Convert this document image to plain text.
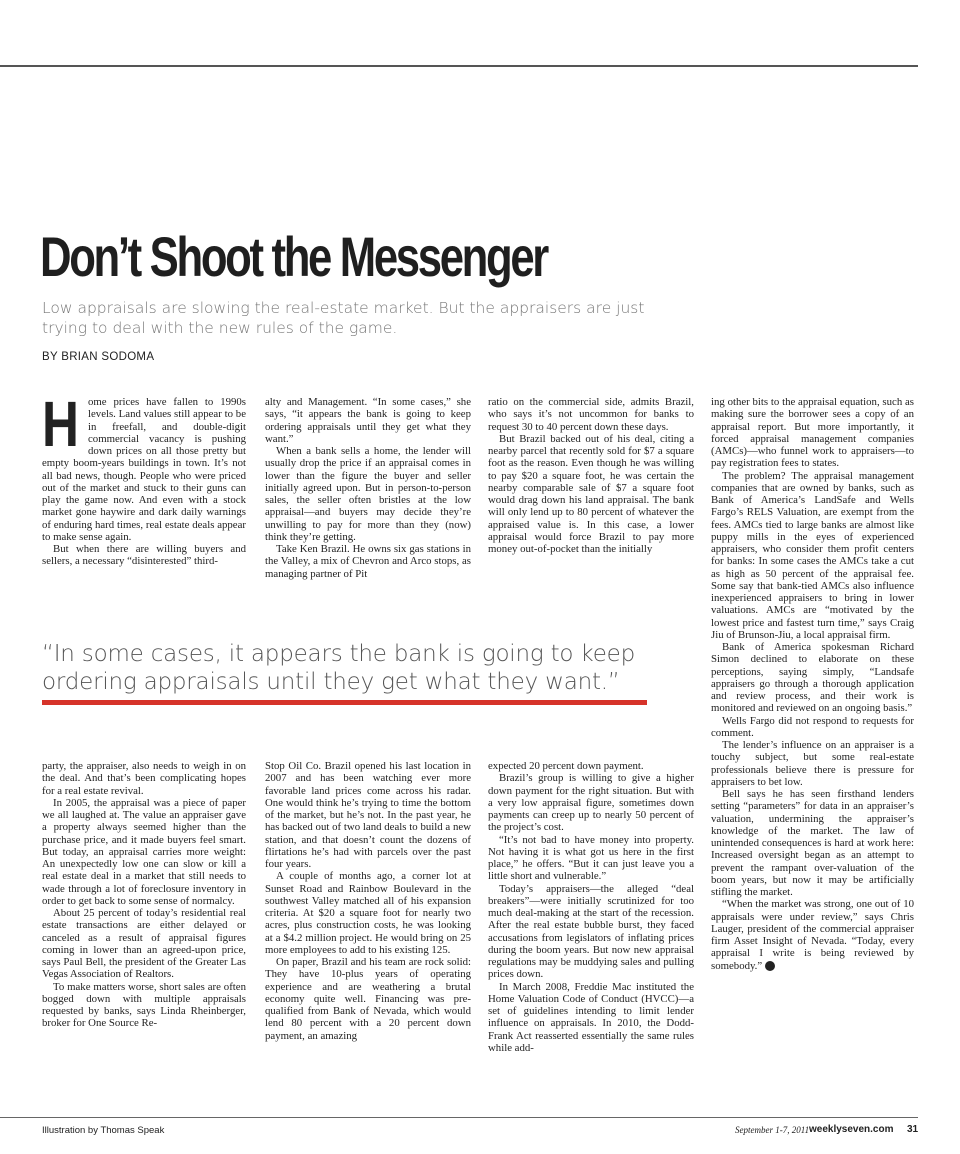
Don’t Shoot the Messenger

Low appraisals are slowing the real-estate market. But the appraisers are just trying to deal with the new rules of the game.

BY BRIAN SODOMA
H ome prices have fallen to 1990s levels. Land values still appear to be in freefall, and double-digit commercial vacancy is pushing down prices on all those pretty but empty boom-years buildings in town. It’s not all bad news, though. People who were priced out of the market and stuck to their guns can play the game now. And even with a stock market gone haywire and dark daily warnings of enduring hard times, real estate deals appear to make sense again.

But when there are willing buyers and sellers, a necessary “disinterested” third-

alty and Management. “In some cases,” she says, “it appears the bank is going to keep ordering appraisals until they get what they want.”

When a bank sells a home, the lender will usually drop the price if an appraisal comes in lower than the figure the buyer and seller initially agreed upon. But in person-to-person sales, the seller often bristles at the low appraisal—and buyers may decide they’re unwilling to pay for more than they (now) think they’re getting.

Take Ken Brazil. He owns six gas stations in the Valley, a mix of Chevron and Arco stops, as managing partner of Pit

ratio on the commercial side, admits Brazil, who says it’s not uncommon for banks to request 30 to 40 percent down these days.

But Brazil backed out of his deal, citing a nearby parcel that recently sold for $7 a square foot as the reason. Even though he was willing to pay $20 a square foot, he was certain the nearby comparable sale of $7 a square foot would drag down his land appraisal. The bank will only lend up to 80 percent of whatever the appraised value is. In this case, a lower appraisal would force Brazil to pay more money out-of-pocket than the initially

ing other bits to the appraisal equation, such as making sure the borrower sees a copy of an appraisal report. But more importantly, it forced appraisal management companies (AMCs)—who funnel work to appraisers—to pay registration fees to states.

The problem? The appraisal management companies that are owned by banks, such as Bank of America’s LandSafe and Wells Fargo’s RELS Valuation, are exempt from the fees. AMCs tied to large banks are almost like puppy mills in the eyes of experienced appraisers, who consider them profit centers for banks: In some cases the AMCs take a cut as high as 50 percent of the appraisal fee. Some say that bank-tied AMCs also influence inexperienced appraisers to bring in lower valuations. AMCs are “motivated by the lowest price and fastest turn time,” says Craig Jiu of Brunson-Jiu, a local appraisal firm.

Bank of America spokesman Richard Simon declined to elaborate on these perceptions, saying simply, “Landsafe appraisers go through a thorough application and review process, and their work is monitored and reviewed on an ongoing basis.”

Wells Fargo did not respond to requests for comment.

The lender’s influence on an appraiser is a touchy subject, but some real-estate professionals believe there is pressure for appraisers to bet low.

Bell says he has seen firsthand lenders setting “parameters” for data in an appraiser’s valuation, undermining the appraiser’s knowledge of the market. The law of unintended consequences is hard at work here: Increased oversight began as an attempt to prevent the rampant over-valuation of the boom years, but now it may be artificially stifling the market.

“When the market was strong, one out of 10 appraisals were under review,” says Chris Lauger, president of the commercial appraiser firm Asset Insight of Nevada. “Today, every appraisal I write is being reviewed by somebody.” 7

“In some cases, it appears the bank is going to keep ordering appraisals until they get what they want.”

party, the appraiser, also needs to weigh in on the deal. And that’s been complicating hopes for a real estate revival.

In 2005, the appraisal was a piece of paper we all laughed at. The value an appraiser gave a property always seemed higher than the purchase price, and it made buyers feel smart. But today, an appraisal carries more weight: An unexpectedly low one can slow or kill a real estate deal in a market that still needs to wade through a lot of foreclosure inventory in order to get back to some sense of normalcy.

About 25 percent of today’s residential real estate transactions are either delayed or canceled as a result of appraisal figures coming in lower than an agreed-upon price, says Paul Bell, the president of the Greater Las Vegas Association of Realtors.

To make matters worse, short sales are often bogged down with multiple appraisals requested by banks, says Linda Rheinberger, broker for One Source Re-

Stop Oil Co. Brazil opened his last location in 2007 and has been watching ever more favorable land prices come across his radar. One would think he’s trying to time the bottom of the market, but he’s not. In the past year, he has backed out of two land deals to build a new station, and that doesn’t count the dozens of flirtations he’s had with parcels over the past four years.

A couple of months ago, a corner lot at Sunset Road and Rainbow Boulevard in the southwest Valley matched all of his expansion criteria. At $20 a square foot for nearly two acres, plus construction costs, he was looking at a $4.2 million project. He would bring on 25 more employees to add to his existing 125.

On paper, Brazil and his team are rock solid: They have 10-plus years of operating experience and are weathering a brutal economy quite well. Financing was pre-qualified from Bank of Nevada, which would lend 80 percent with a 20 percent down payment, an amazing

expected 20 percent down payment.

Brazil’s group is willing to give a higher down payment for the right situation. But with a very low appraisal figure, sometimes down payments can creep up to nearly 50 percent of the project’s cost.

“It’s not bad to have money into property. Not having it is what got us here in the first place,” he offers. “But it can just leave you a little short and vulnerable.”

Today’s appraisers—the alleged “deal breakers”—were initially scrutinized for too much deal-making at the start of the recession. After the real estate bubble burst, they faced accusations from legislators of inflating prices during the boom years. But now new appraisal regulations may be muddying sales and pulling prices down.

In March 2008, Freddie Mac instituted the Home Valuation Code of Conduct (HVCC)—a set of guidelines intending to limit lender influence on appraisals. In 2010, the Dodd-Frank Act reasserted essentially the same rules while add-

Illustration by Thomas Speak	September 1-7, 2011 weeklyseven.com 31
